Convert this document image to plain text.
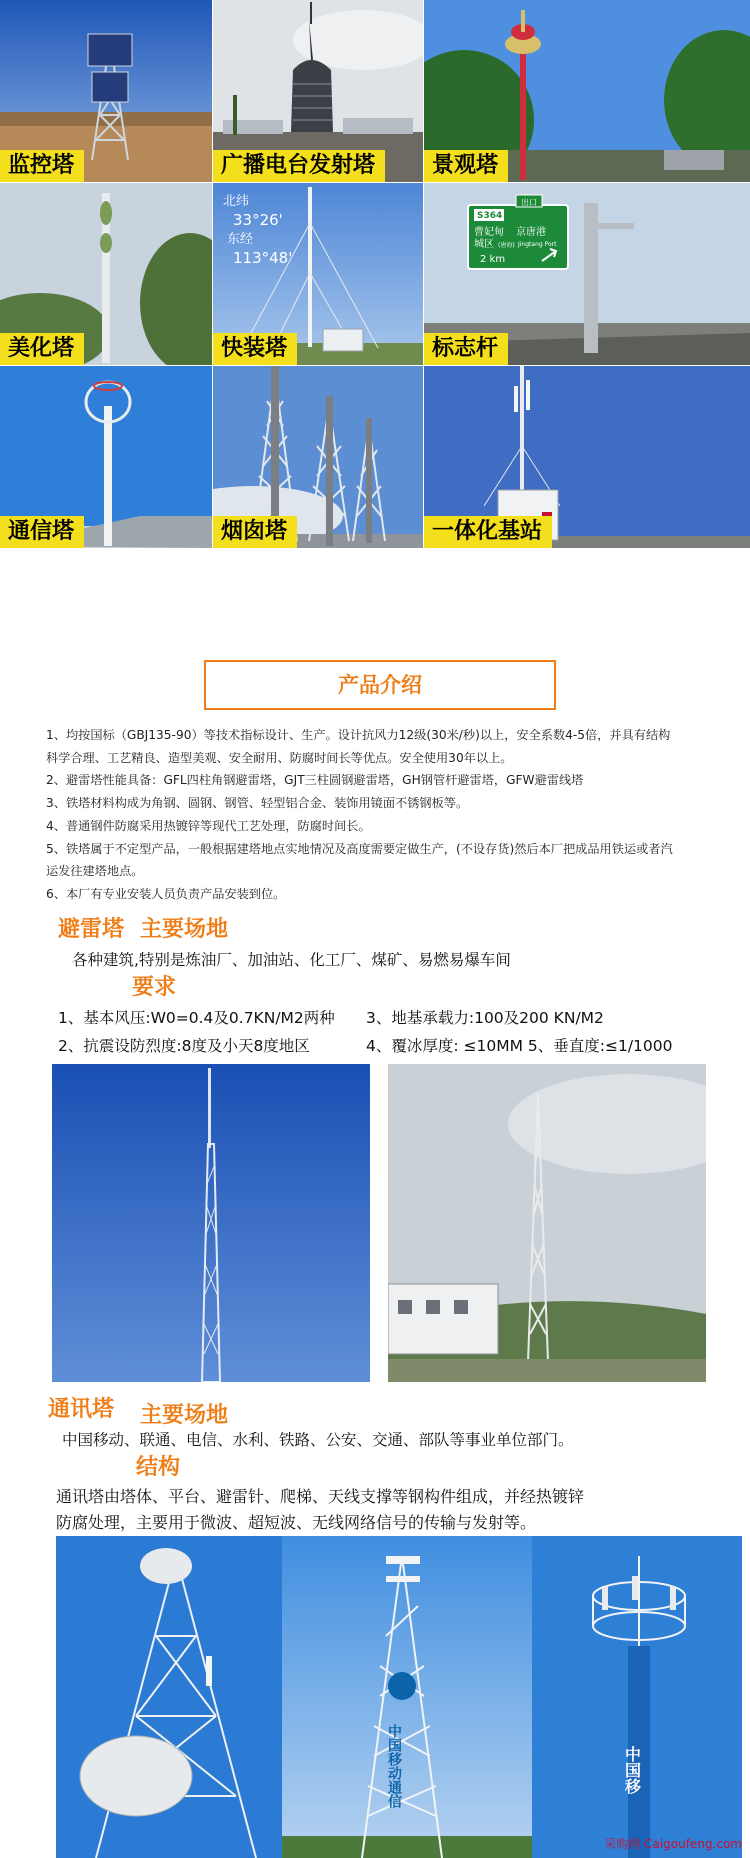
监控塔	广播电台发射塔	景观塔
美化塔
北纬
33°26'
东经
113°48'
快装塔
出口
S364
曹妃甸 京唐港
城区 (唐海) Jingtang Port
2 km
标志杆
通信塔	烟囱塔	一体化基站
产品介绍

1、均按国标（GBJ135-90）等技术指标设计、生产。设计抗风力12级(30米/秒)以上，安全系数4-5倍，并具有结构

科学合理、工艺精良、造型美观、安全耐用、防腐时间长等优点。安全使用30年以上。

2、避雷塔性能具备：GFL四柱角钢避雷塔，GJT三柱圆钢避雷塔，GH钢管杆避雷塔，GFW避雷线塔

3、铁塔材料构成为角钢、圆钢、钢管、轻型铝合金、装饰用镜面不锈钢板等。

4、普通钢件防腐采用热镀锌等现代工艺处理，防腐时间长。

5、铁塔属于不定型产品，一般根据建塔地点实地情况及高度需要定做生产，(不设存货)然后本厂把成品用铁运或者汽

运发往建塔地点。

6、本厂有专业安装人员负责产品安装到位。

避雷塔 主要场地
各种建筑,特别是炼油厂、加油站、化工厂、煤矿、易燃易爆车间
要求
1、基本风压:W0=0.4及0.7KN/M2两种
2、抗震设防烈度:8度及小天8度地区
3、地基承载力:100及200 KN/M2
4、覆冰厚度: ≤10MM 5、垂直度:≤1/1000
通讯塔 主要场地
中国移动、联通、电信、水利、铁路、公安、交通、部队等事业单位部门。
结构
通讯塔由塔体、平台、避雷针、爬梯、天线支撑等钢构件组成，并经热镀锌
防腐处理，主要用于微波、超短波、无线网络信号的传输与发射等。
中国移动通信	中国移
采购网 Caigoufeng.com
